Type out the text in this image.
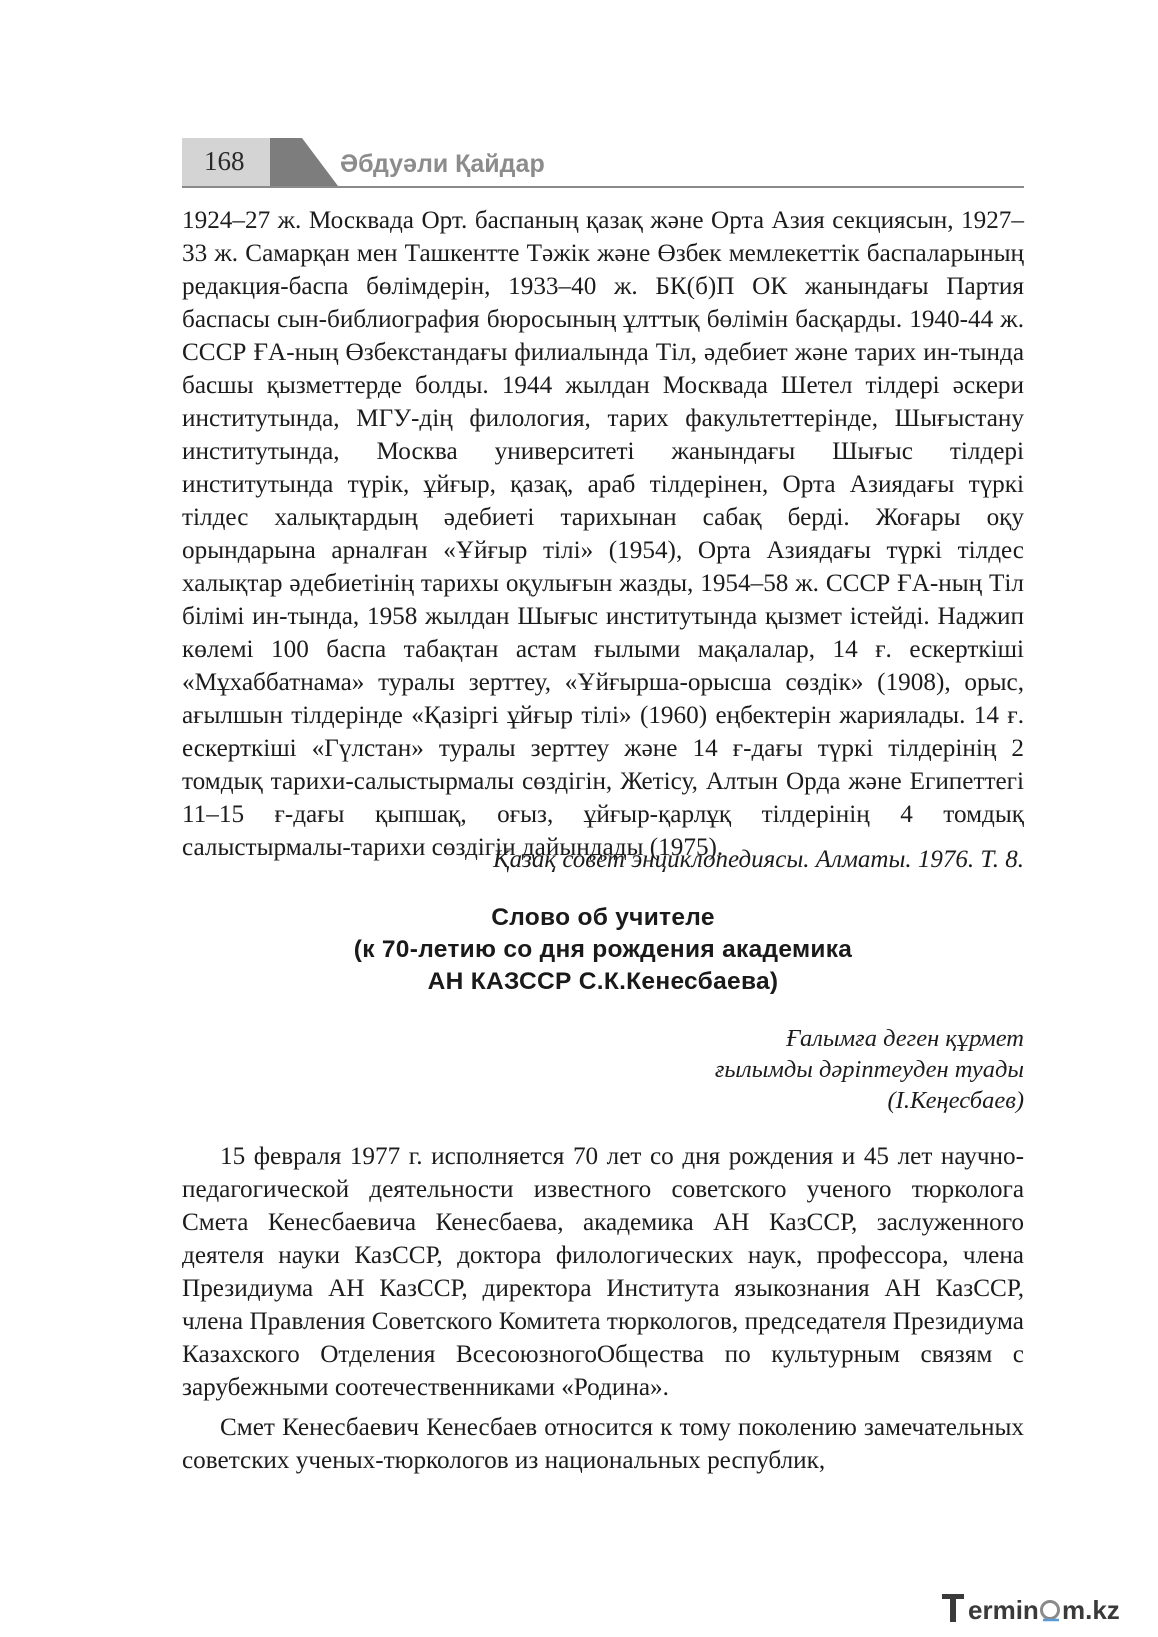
168	Әбдуәли Қайдар

1924–27 ж. Москвада Орт. баспаның қазақ және Орта Азия секциясын, 1927–33 ж. Самарқан мен Ташкентте Тәжік және Өзбек мемлекеттік баспаларының редакция-баспа бөлімдерін, 1933–40 ж. БК(б)П ОК жанындағы Партия баспасы сын-библиография бюросының ұлттық бөлімін басқарды. 1940-44 ж. СССР ҒА-ның Өзбекстандағы филиалында Тіл, әдебиет және тарих ин-тында басшы қызметтерде болды. 1944 жылдан Москвада Шетел тілдері әскери институтында, МГУ-дің филология, тарих факультеттерінде, Шығыстану институтында, Москва университеті жанындағы Шығыс тілдері институтында түрік, ұйғыр, қазақ, араб тілдерінен, Орта Азиядағы түркі тілдес халықтардың әдебиеті тарихынан сабақ берді. Жоғары оқу орындарына арналған «Ұйғыр тілі» (1954), Орта Азиядағы түркі тілдес халықтар әдебиетінің тарихы оқулығын жазды, 1954–58 ж. СССР ҒА-ның Тіл білімі ин-тында, 1958 жылдан Шығыс институтында қызмет істейді. Наджип көлемі 100 баспа табақтан астам ғылыми мақалалар, 14 ғ. ескерткіші «Мұхаббатнама» туралы зерттеу, «Ұйғырша-орысша сөздік» (1908), орыс, ағылшын тілдерінде «Қазіргі ұйғыр тілі» (1960) еңбектерін жариялады. 14 ғ. ескерткіші «Гүлстан» туралы зерттеу және 14 ғ-дағы түркі тілдерінің 2 томдық тарихи-салыстырмалы сөздігін, Жетісу, Алтын Орда және Египеттегі 11–15 ғ-дағы қыпшақ, оғыз, ұйғыр-қарлұқ тілдерінің 4 томдық салыстырмалы-тарихи сөздігін дайындады (1975).

Қазақ совет энциклопедиясы. Алматы. 1976. Т. 8.
Слово об учителе
(к 70-летию со дня рождения академика
АН КАЗССР С.К.Кенесбаева)
Ғалымға деген құрмет
ғылымды дәріптеуден туады
(І.Кеңесбаев)

15 февраля 1977 г. исполняется 70 лет со дня рождения и 45 лет научно-педагогической деятельности известного советского ученого тюрколога Смета Кенесбаевича Кенесбаева, академика АН КазССР, заслуженного деятеля науки КазССР, доктора филологических наук, профессора, члена Президиума АН КазССР, директора Института языкознания АН КазССР, члена Правления Советского Комитета тюркологов, председателя Президиума Казахского Отделения ВсесоюзногоОбщества по культурным связям с зарубежными соотечественниками «Родина».

Смет Кенесбаевич Кенесбаев относится к тому поколению замечательных советских ученых-тюркологов из национальных республик,

ermin m.kz
